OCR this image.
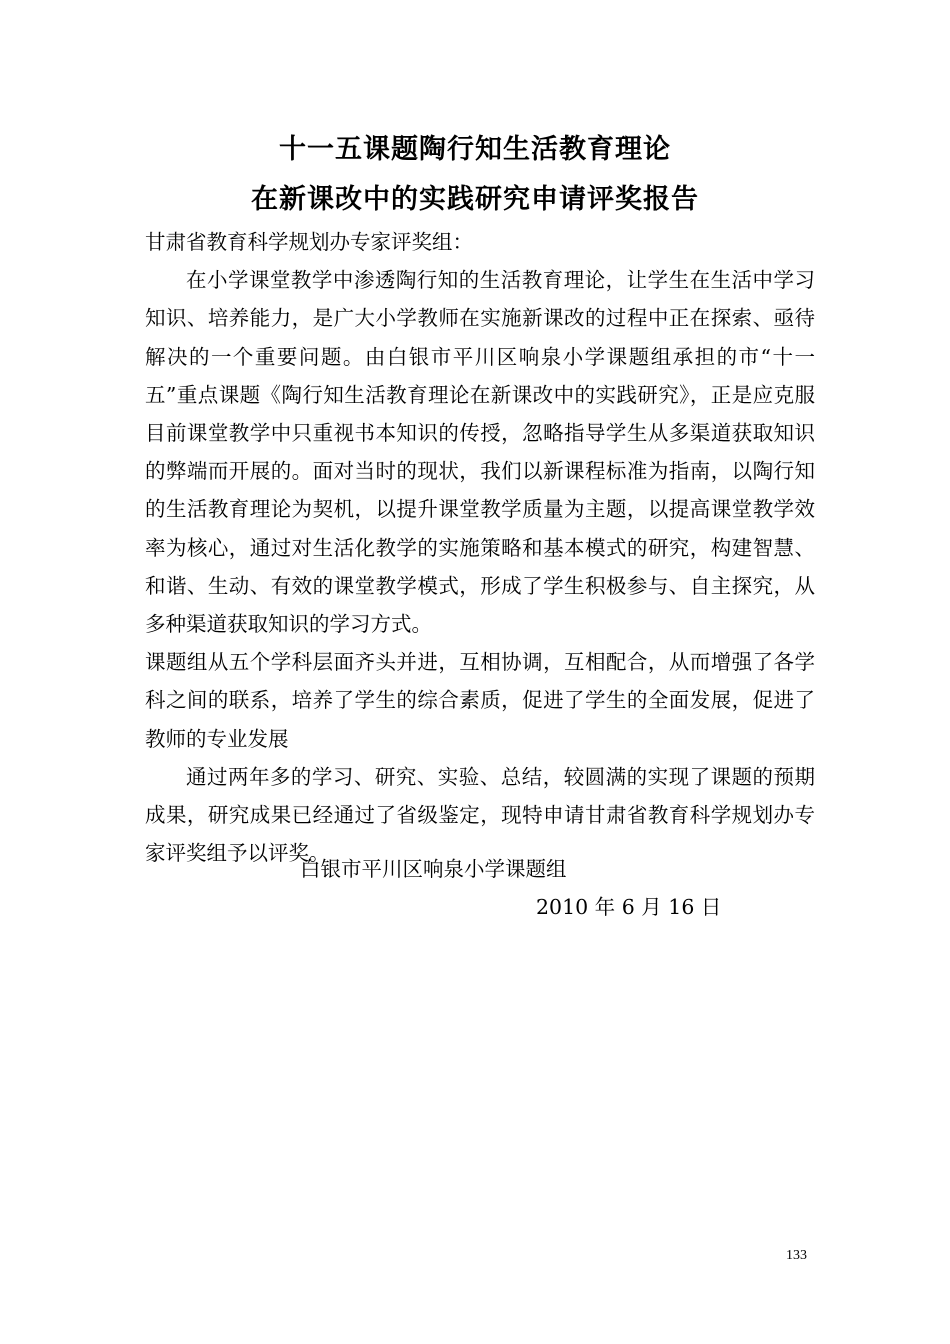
十一五课题陶行知生活教育理论
在新课改中的实践研究申请评奖报告

甘肃省教育科学规划办专家评奖组：

在小学课堂教学中渗透陶行知的生活教育理论，让学生在生活中学习知识、培养能力，是广大小学教师在实施新课改的过程中正在探索、亟待解决的一个重要问题。由白银市平川区响泉小学课题组承担的市“十一五”重点课题《陶行知生活教育理论在新课改中的实践研究》，正是应克服目前课堂教学中只重视书本知识的传授，忽略指导学生从多渠道获取知识的弊端而开展的。面对当时的现状，我们以新课程标准为指南，以陶行知的生活教育理论为契机，以提升课堂教学质量为主题，以提高课堂教学效率为核心，通过对生活化教学的实施策略和基本模式的研究，构建智慧、和谐、生动、有效的课堂教学模式，形成了学生积极参与、自主探究，从多种渠道获取知识的学习方式。

课题组从五个学科层面齐头并进，互相协调，互相配合，从而增强了各学科之间的联系，培养了学生的综合素质，促进了学生的全面发展，促进了教师的专业发展

通过两年多的学习、研究、实验、总结，较圆满的实现了课题的预期成果，研究成果已经通过了省级鉴定，现特申请甘肃省教育科学规划办专家评奖组予以评奖。

白银市平川区响泉小学课题组
2010 年 6 月 16 日
133
